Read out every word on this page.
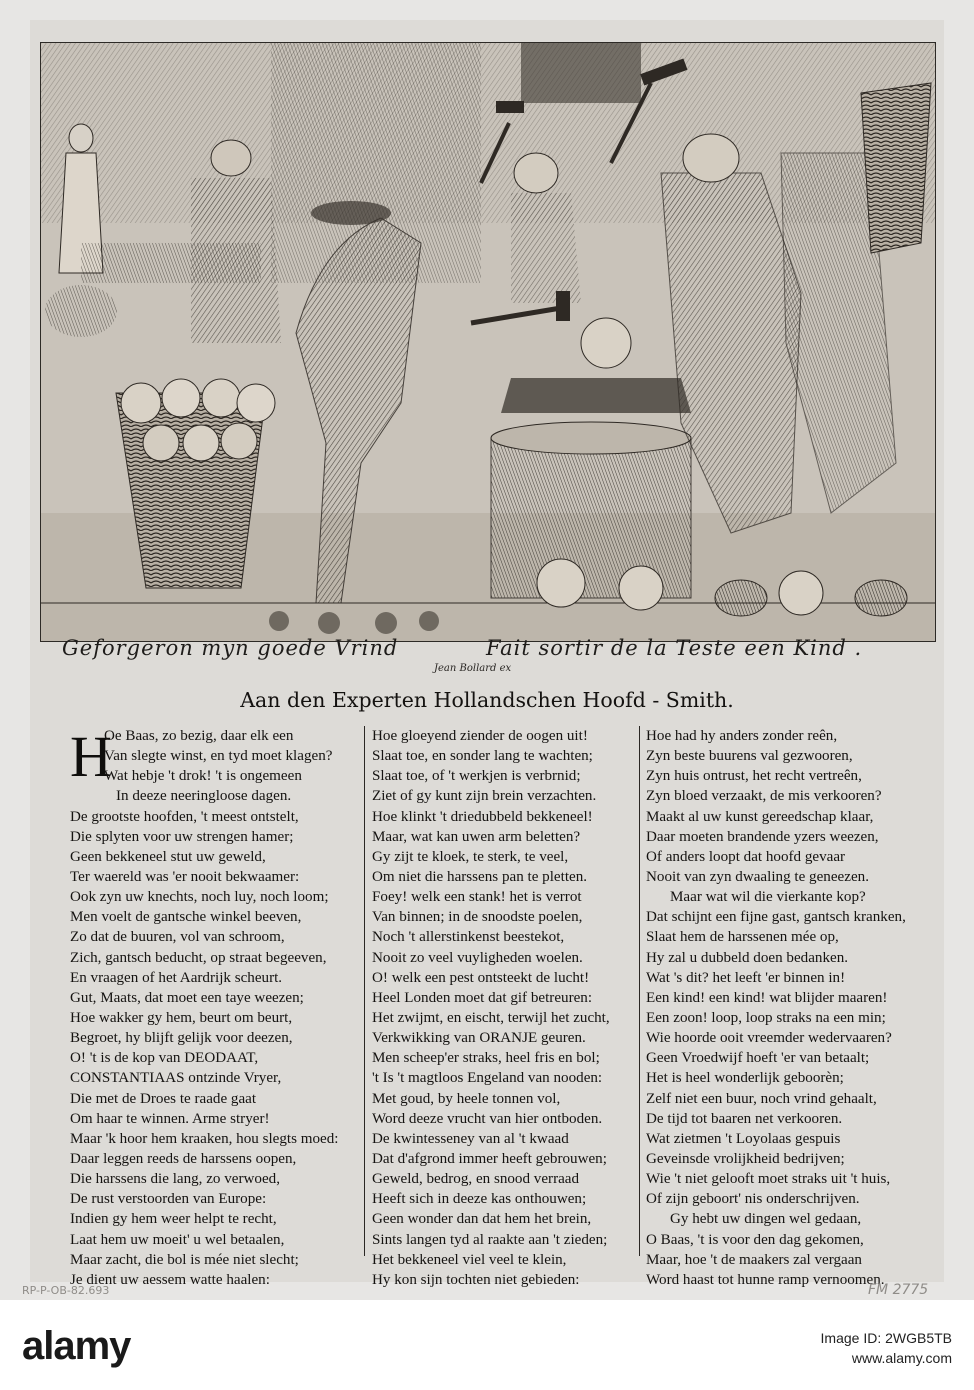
Geforgeron myn goede Vrind	Fait sortir de la Teste een Kind .
Jean Bollard ex
Aan den Experten Hollandschen Hoofd - Smith.
H
Oe Baas, zo bezig, daar elk een
Van slegte winst, en tyd moet klagen?
Wat hebje 't drok! 't is ongemeen
In deeze neeringloose dagen.
De grootste hoofden, 't meest ontstelt,
Die splyten voor uw strengen hamer;
Geen bekkeneel stut uw geweld,
Ter waereld was 'er nooit bekwaamer:
Ook zyn uw knechts, noch luy, noch loom;
Men voelt de gantsche winkel beeven,
Zo dat de buuren, vol van schroom,
Zich, gantsch beducht, op straat begeeven,
En vraagen of het Aardrijk scheurt.
Gut, Maats, dat moet een taye weezen;
Hoe wakker gy hem, beurt om beurt,
Begroet, hy blijft gelijk voor deezen,
O! 't is de kop van DEODAAT,
CONSTANTIAAS ontzinde Vryer,
Die met de Droes te raade gaat
Om haar te winnen. Arme stryer!
Maar 'k hoor hem kraaken, hou slegts moed:
Daar leggen reeds de harssens oopen,
Die harssens die lang, zo verwoed,
De rust verstoorden van Europe:
Indien gy hem weer helpt te recht,
Laat hem uw moeit' u wel betaalen,
Maar zacht, die bol is mée niet slecht;
Je dient uw aessem watte haalen:
Hoe gloeyend ziender de oogen uit!
Slaat toe, en sonder lang te wachten;
Slaat toe, of 't werkjen is verbrnid;
Ziet of gy kunt zijn brein verzachten.
Hoe klinkt 't driedubbeld bekkeneel!
Maar, wat kan uwen arm beletten?
Gy zijt te kloek, te sterk, te veel,
Om niet die harssens pan te pletten.
Foey! welk een stank! het is verrot
Van binnen; in de snoodste poelen,
Noch 't allerstinkenst beestekot,
Nooit zo veel vuyligheden woelen.
O! welk een pest ontsteekt de lucht!
Heel Londen moet dat gif betreuren:
Het zwijmt, en eischt, terwijl het zucht,
Verkwikking van ORANJE geuren.
Men scheep'er straks, heel fris en bol;
't Is 't magtloos Engeland van nooden:
Met goud, by heele tonnen vol,
Word deeze vrucht van hier ontboden.
De kwintesseney van al 't kwaad
Dat d'afgrond immer heeft gebrouwen;
Geweld, bedrog, en snood verraad
Heeft sich in deeze kas onthouwen;
Geen wonder dan dat hem het brein,
Sints langen tyd al raakte aan 't zieden;
Het bekkeneel viel veel te klein,
Hy kon sijn tochten niet gebieden:
Hoe had hy anders zonder reên,
Zyn beste buurens val gezwooren,
Zyn huis ontrust, het recht vertreên,
Zyn bloed verzaakt, de mis verkooren?
Maakt al uw kunst gereedschap klaar,
Daar moeten brandende yzers weezen,
Of anders loopt dat hoofd gevaar
Nooit van zyn dwaaling te geneezen.
Maar wat wil die vierkante kop?
Dat schijnt een fijne gast, gantsch kranken,
Slaat hem de harssenen mée op,
Hy zal u dubbeld doen bedanken.
Wat 's dit? het leeft 'er binnen in!
Een kind! een kind! wat blijder maaren!
Een zoon! loop, loop straks na een min;
Wie hoorde ooit vreemder wedervaaren?
Geen Vroedwijf hoeft 'er van betaalt;
Het is heel wonderlijk geboorèn;
Zelf niet een buur, noch vrind gehaalt,
De tijd tot baaren net verkooren.
Wat zietmen 't Loyolaas gespuis
Geveinsde vrolijkheid bedrijven;
Wie 't niet gelooft moet straks uit 't huis,
Of zijn geboort' nis onderschrijven.
Gy hebt uw dingen wel gedaan,
O Baas, 't is voor den dag gekomen,
Maar, hoe 't de maakers zal vergaan
Word haast tot hunne ramp vernoomen.
RP-P-OB-82.693	FM 2775
alamy	Image ID: 2WGB5TB
www.alamy.com
